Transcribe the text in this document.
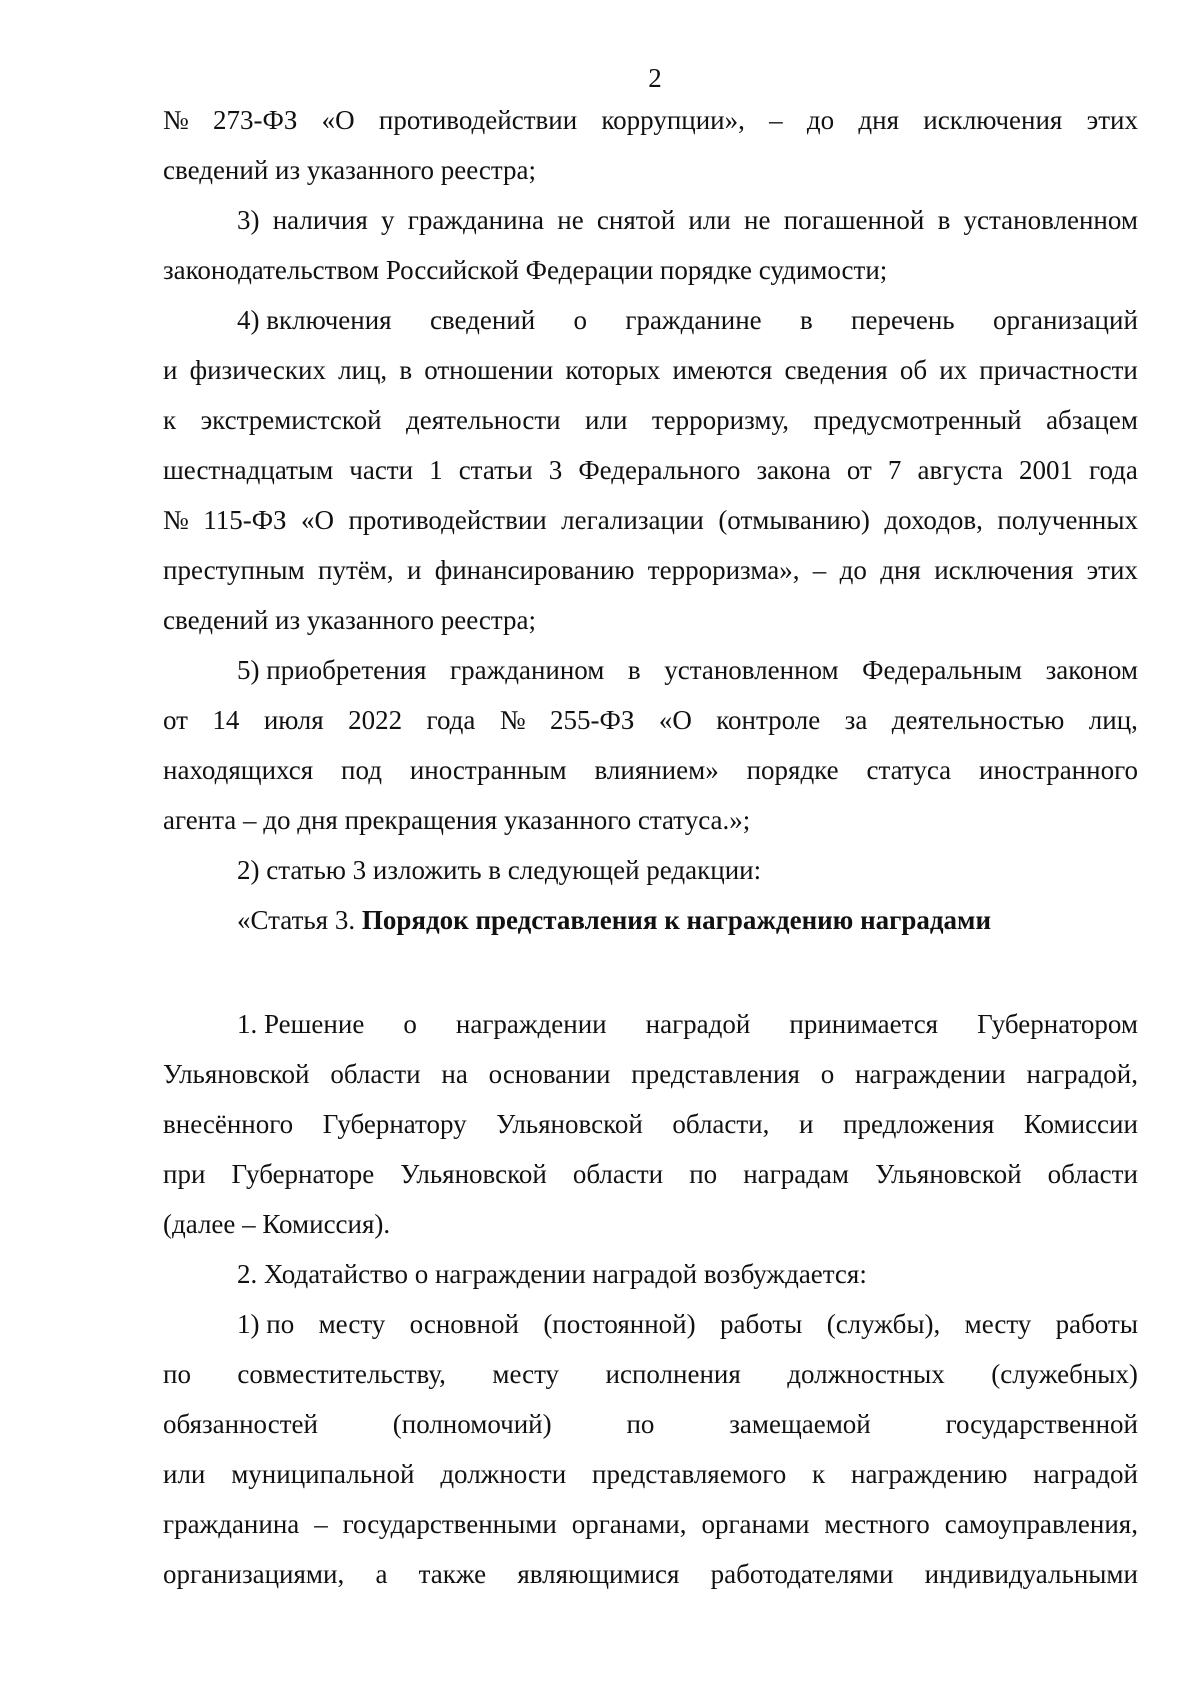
2
№ 273-ФЗ «О противодействии коррупции», – до дня исключения этих
сведений из указанного реестра;
3) наличия у гражданина не снятой или не погашенной в установленном
законодательством Российской Федерации порядке судимости;
4) включения сведений о гражданине в перечень организаций
и физических лиц, в отношении которых имеются сведения об их причастности
к экстремистской деятельности или терроризму, предусмотренный абзацем
шестнадцатым части 1 статьи 3 Федерального закона от 7 августа 2001 года
№ 115-ФЗ «О противодействии легализации (отмыванию) доходов, полученных
преступным путём, и финансированию терроризма», – до дня исключения этих
сведений из указанного реестра;
5) приобретения гражданином в установленном Федеральным законом
от 14 июля 2022 года № 255-ФЗ «О контроле за деятельностью лиц,
находящихся под иностранным влиянием» порядке статуса иностранного
агента – до дня прекращения указанного статуса.»;
2) статью 3 изложить в следующей редакции:
«Статья 3. Порядок представления к награждению наградами
1. Решение о награждении наградой принимается Губернатором
Ульяновской области на основании представления о награждении наградой,
внесённого Губернатору Ульяновской области, и предложения Комиссии
при Губернаторе Ульяновской области по наградам Ульяновской области
(далее – Комиссия).
2. Ходатайство о награждении наградой возбуждается:
1) по месту основной (постоянной) работы (службы), месту работы
по совместительству, месту исполнения должностных (служебных)
обязанностей	(полномочий)	по	замещаемой	государственной
или муниципальной должности представляемого к награждению наградой
гражданина – государственными органами, органами местного самоуправления,
организациями, а также являющимися работодателями индивидуальными
